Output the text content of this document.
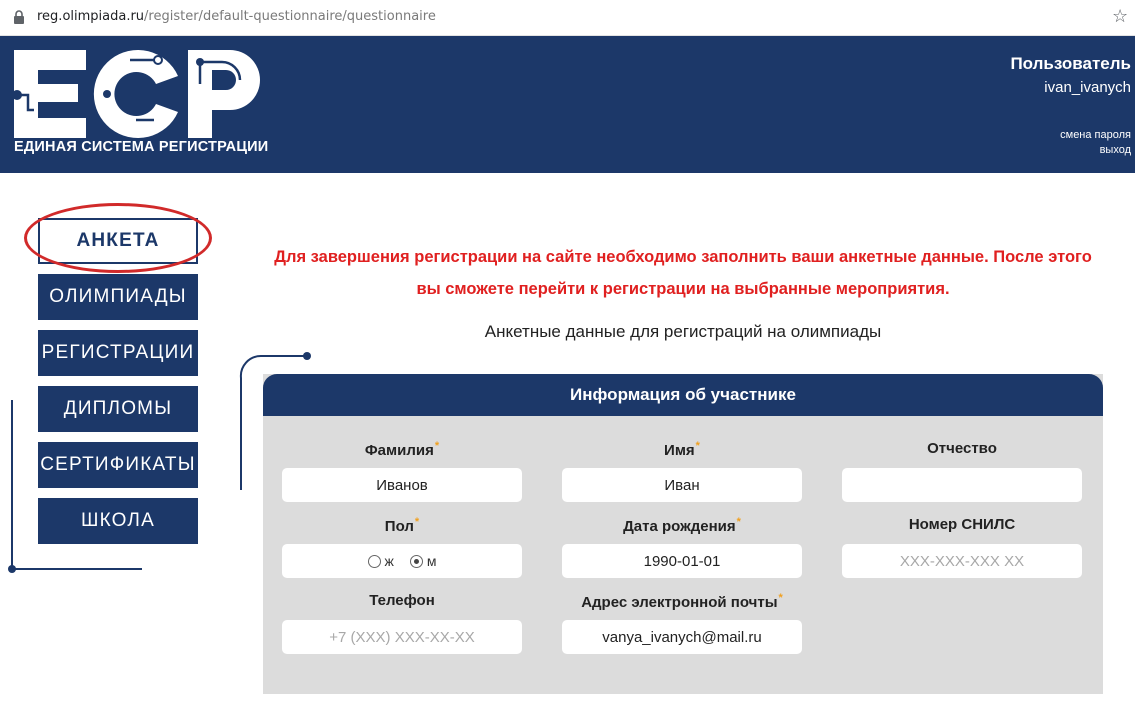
reg.olimpiada.ru/register/default-questionnaire/questionnaire	☆
ЕДИНАЯ СИСТЕМА РЕГИСТРАЦИИ
Пользователь
ivan_ivanych
смена пароля
выход
АНКЕТА
ОЛИМПИАДЫ
РЕГИСТРАЦИИ
ДИПЛОМЫ
СЕРТИФИКАТЫ
ШКОЛА
Для завершения регистрации на сайте необходимо заполнить ваши анкетные данные. После этого
вы сможете перейти к регистрации на выбранные мероприятия.
Анкетные данные для регистраций на олимпиады
Информация об участнике
Фамилия*	Имя*	Отчество
Иванов	Иван
Пол*	Дата рождения*	Номер СНИЛС
ж м	1990-01-01	XXX-XXX-XXX XX
Телефон	Адрес электронной почты*
+7 (XXX) XXX-XX-XX	vanya_ivanych@mail.ru
